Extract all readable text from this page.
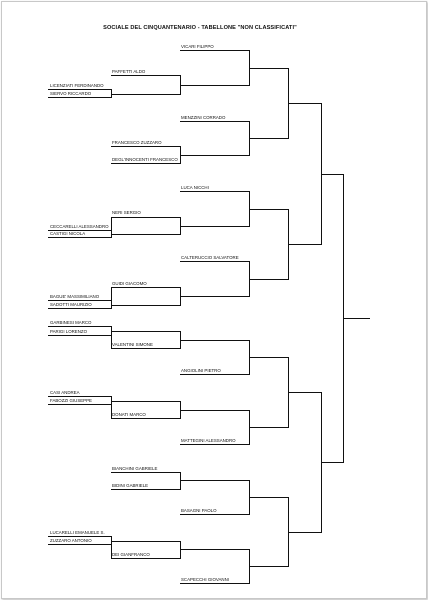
SOCIALE DEL CINQUANTENARIO - TABELLONE "NON CLASSIFICATI"
LICENZIATI FERDINANDO
SIERVO RICCARDO
CECCARELLI ALESSANDRO
CASTIGI NICOLA
BAGUE' MASSIMILIANO
SADOTTI MAURIZIO
GARBINESI MARCO
PARIGI LORENZO
CASI ANDREA
FABOZZI GIUSEPPE
LUCARELLI EMANUELE S.
ZUZZARO ANTONIO
PAFFETTI ALDO
FRANCESCO ZUZZARO
DEGL'INNOCENTI FRANCESCO
NERI SERGIO
GUIDI GIACOMO
VALENTINI SIMONE
DONATI MARCO
BIANCHINI GABRIELE
BIDINI GABRIELE
DEI GIANFRANCO
VICARI FILIPPO
MENZZINI CORRADO
LUCA NICCHI
CALTERUCCIO SALVATORE
ANGIOLINI PIETRO
MATTEGINI ALESSANDRO
BASAGNI PAOLO
SCAPECCHI GIOVANNI
